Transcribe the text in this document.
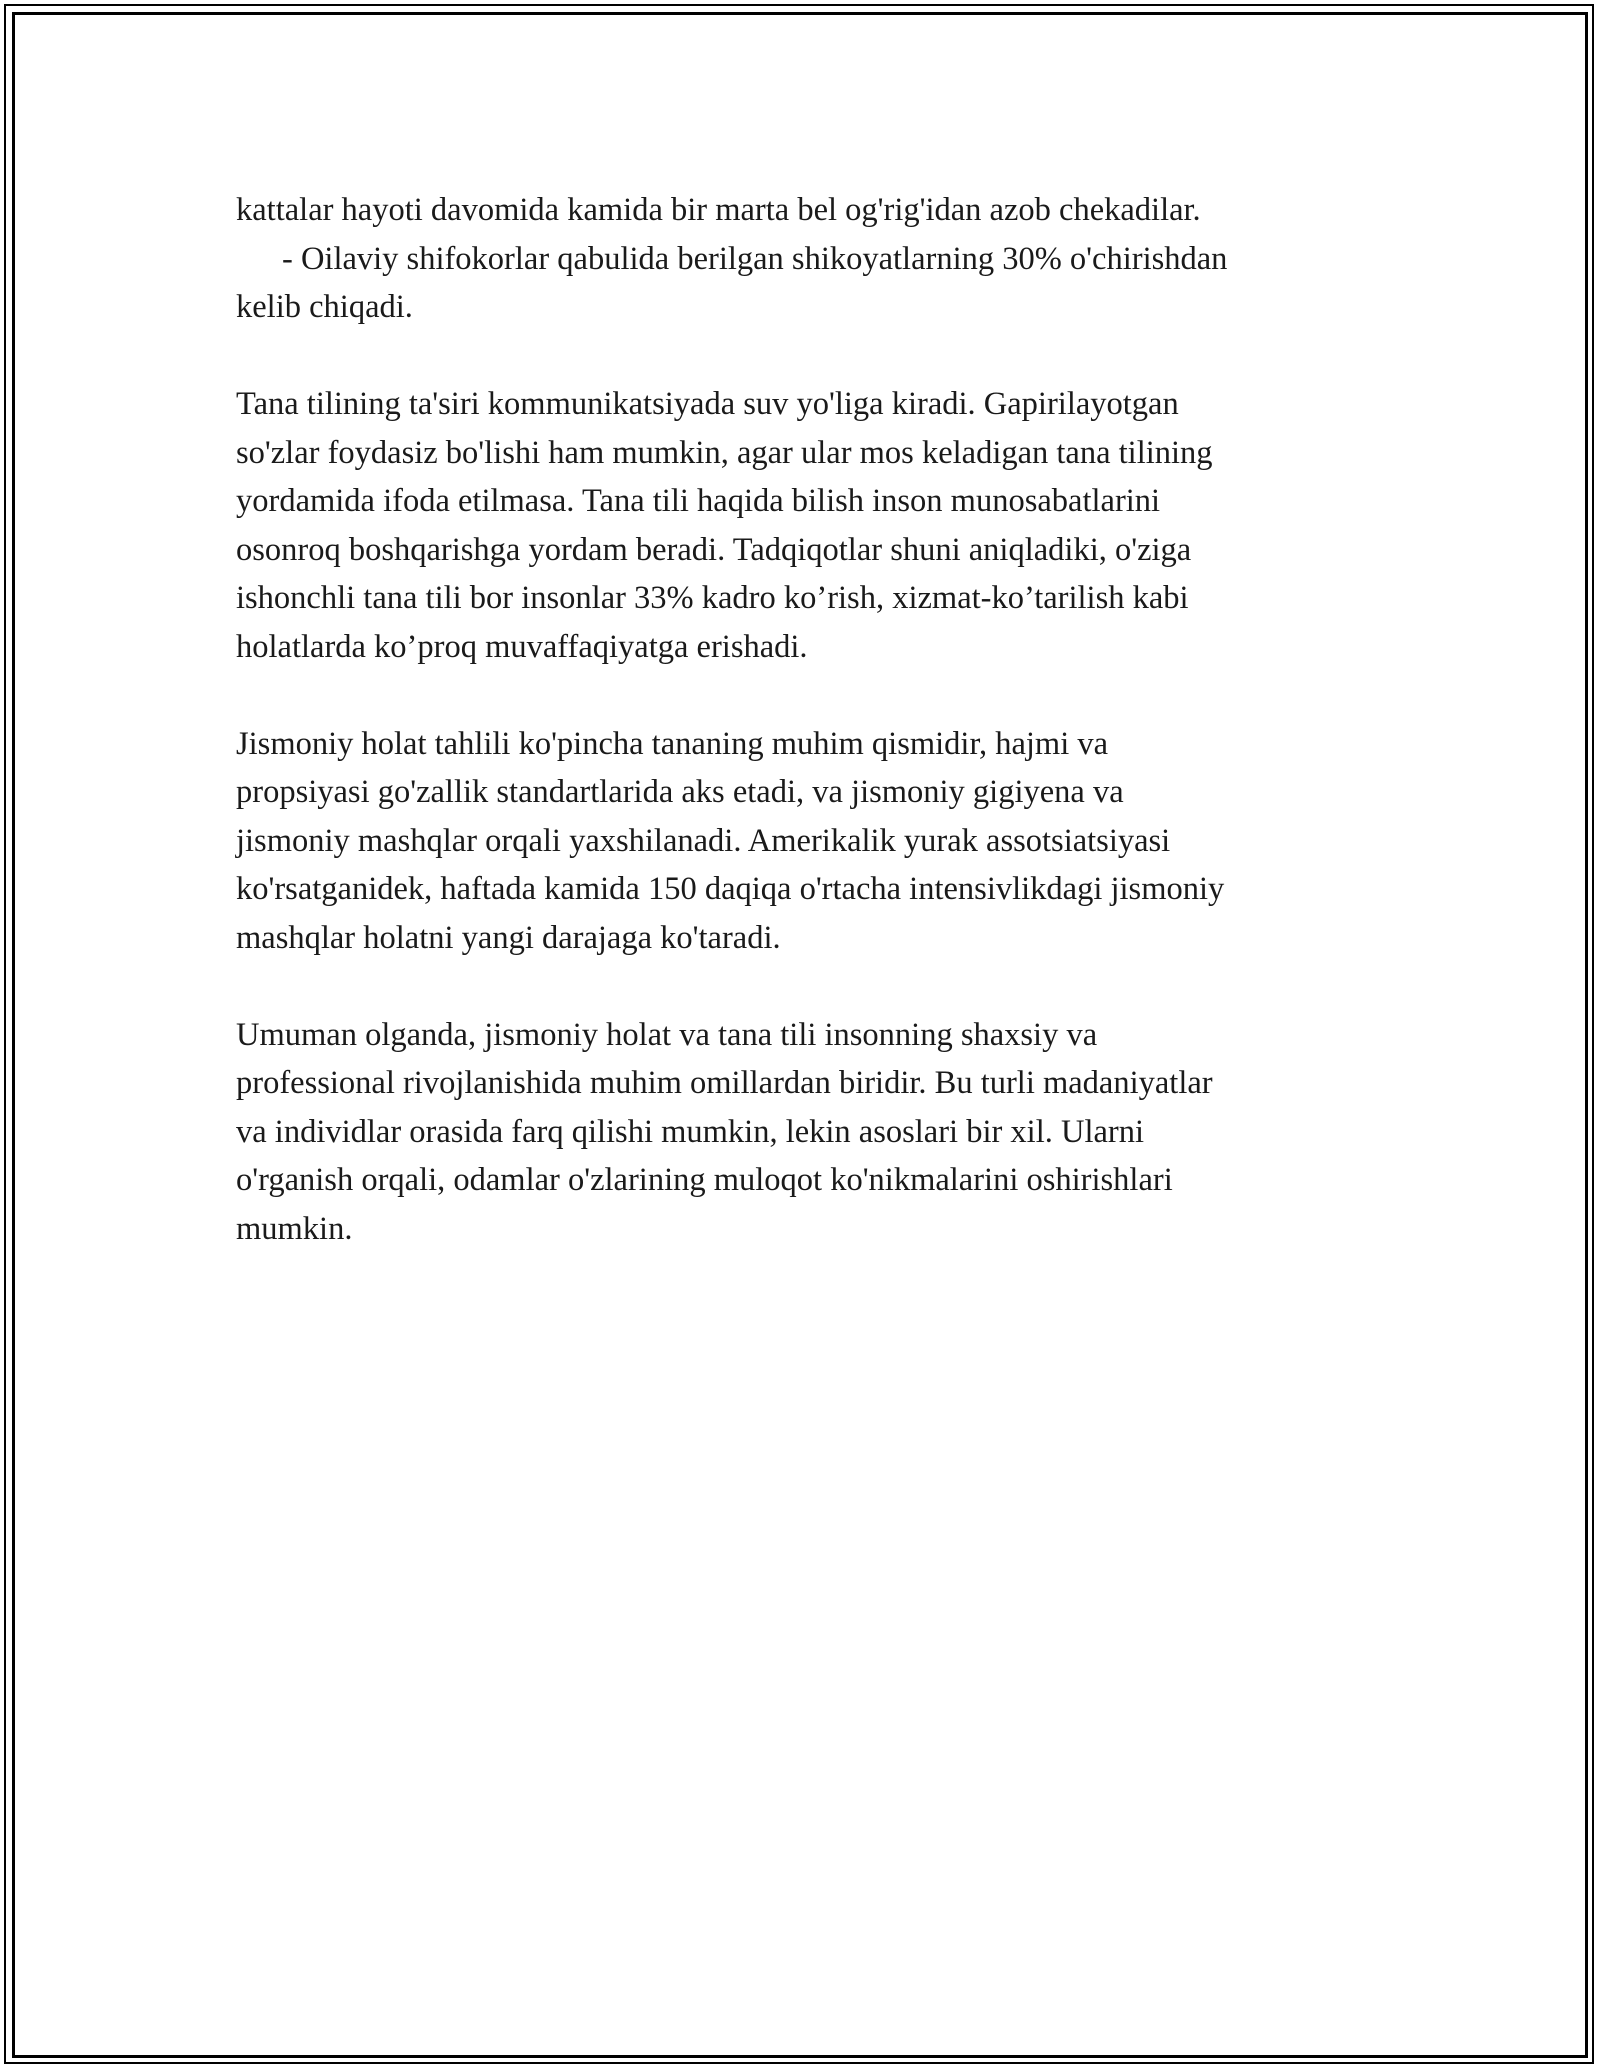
kattalar hayoti davomida kamida bir marta bel og'rig'idan azob chekadilar.
- Oilaviy shifokorlar qabulida berilgan shikoyatlarning 30% o'chirishdan
kelib chiqadi.

Tana tilining ta'siri kommunikatsiyada suv yo'liga kiradi. Gapirilayotgan
so'zlar foydasiz bo'lishi ham mumkin, agar ular mos keladigan tana tilining
yordamida ifoda etilmasa. Tana tili haqida bilish inson munosabatlarini
osonroq boshqarishga yordam beradi. Tadqiqotlar shuni aniqladiki, o'ziga
ishonchli tana tili bor insonlar 33% kadro ko’rish, xizmat-ko’tarilish kabi
holatlarda ko’proq muvaffaqiyatga erishadi.

Jismoniy holat tahlili ko'pincha tananing muhim qismidir, hajmi va
propsiyasi go'zallik standartlarida aks etadi, va jismoniy gigiyena va
jismoniy mashqlar orqali yaxshilanadi. Amerikalik yurak assotsiatsiyasi
ko'rsatganidek, haftada kamida 150 daqiqa o'rtacha intensivlikdagi jismoniy
mashqlar holatni yangi darajaga ko'taradi.

Umuman olganda, jismoniy holat va tana tili insonning shaxsiy va
professional rivojlanishida muhim omillardan biridir. Bu turli madaniyatlar
va individlar orasida farq qilishi mumkin, lekin asoslari bir xil. Ularni
o'rganish orqali, odamlar o'zlarining muloqot ko'nikmalarini oshirishlari
mumkin.
